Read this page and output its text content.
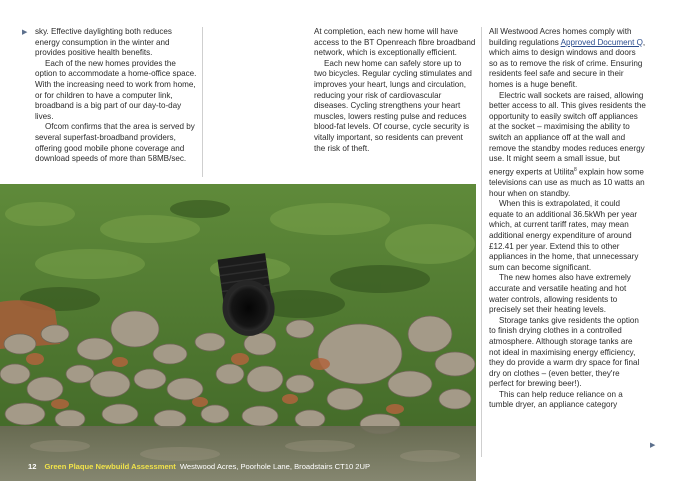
▶ sky. Effective daylighting both reduces energy consumption in the winter and provides positive health benefits.

Each of the new homes provides the option to accommodate a home-office space. With the increasing need to work from home, or for children to have a computer link, broadband is a big part of our day-to-day lives.

Ofcom confirms that the area is served by several superfast-broadband providers, offering good mobile phone coverage and download speeds of more than 58MB/sec.

At completion, each new home will have access to the BT Openreach fibre broadband network, which is exceptionally efficient.

Each new home can safely store up to two bicycles. Regular cycling stimulates and improves your heart, lungs and circulation, reducing your risk of cardiovascular diseases. Cycling strengthens your heart muscles, lowers resting pulse and reduces blood-fat levels. Of course, cycle security is vitally important, so residents can prevent the risk of theft.

All Westwood Acres homes comply with building regulations Approved Document Q, which aims to design windows and doors so as to remove the risk of crime. Ensuring residents feel safe and secure in their homes is a huge benefit.

Electric wall sockets are raised, allowing better access to all. This gives residents the opportunity to easily switch off appliances at the socket – maximising the ability to switch an appliance off at the wall and remove the standby modes reduces energy use. It might seem a small issue, but energy experts at Utilita$^8$ explain how some televisions can use as much as 10 watts an hour when on standby.

When this is extrapolated, it could equate to an additional 36.5kWh per year which, at current tariff rates, may mean additional energy expenditure of around £12.41 per year. Extend this to other appliances in the home, that unnecessary sum can become significant.

The new homes also have extremely accurate and versatile heating and hot water controls, allowing residents to precisely set their heating levels.

Storage tanks give residents the option to finish drying clothes in a controlled atmosphere. Although storage tanks are not ideal in maximising energy efficiency, they do provide a warm dry space for final dry on clothes – (even better, they're perfect for brewing beer!).

This can help reduce reliance on a tumble dryer, an appliance category

▶
12 Green Plaque Newbuild Assessment Westwood Acres, Poorhole Lane, Broadstairs CT10 2UP
